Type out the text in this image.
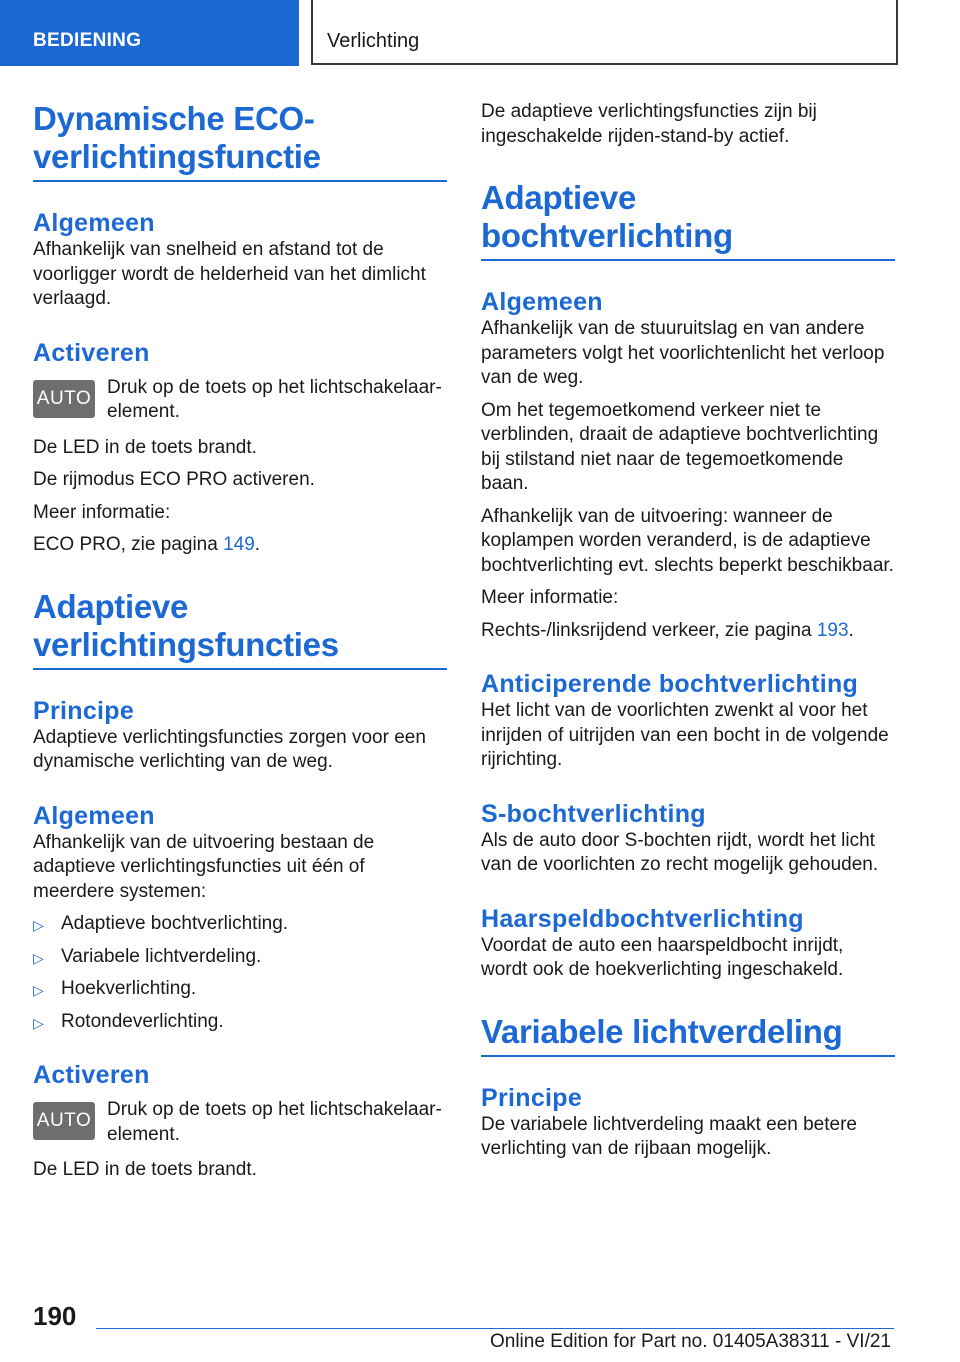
BEDIENING	Verlichting
Dynamische ECO-verlichtingsfunctie
Algemeen

Afhankelijk van snelheid en afstand tot de voorligger wordt de helderheid van het dimlicht verlaagd.

Activeren
AUTO

Druk op de toets op het lichtschakelaar-element.

De LED in de toets brandt.

De rijmodus ECO PRO activeren.

Meer informatie:

ECO PRO, zie pagina 149.

Adaptieve verlichtingsfuncties
Principe

Adaptieve verlichtingsfuncties zorgen voor een dynamische verlichting van de weg.

Algemeen

Afhankelijk van de uitvoering bestaan de adaptieve verlichtingsfuncties uit één of meerdere systemen:

▷ Adaptieve bochtverlichting.
▷ Variabele lichtverdeling.
▷ Hoekverlichting.
▷ Rotondeverlichting.
Activeren
AUTO

Druk op de toets op het lichtschakelaar-element.

De LED in de toets brandt.

De adaptieve verlichtingsfuncties zijn bij ingeschakelde rijden-stand-by actief.

Adaptieve bochtverlichting
Algemeen

Afhankelijk van de stuuruitslag en van andere parameters volgt het voorlichtenlicht het verloop van de weg.

Om het tegemoetkomend verkeer niet te verblinden, draait de adaptieve bochtverlichting bij stilstand niet naar de tegemoetkomende baan.

Afhankelijk van de uitvoering: wanneer de koplampen worden veranderd, is de adaptieve bochtverlichting evt. slechts beperkt beschikbaar.

Meer informatie:

Rechts-/linksrijdend verkeer, zie pagina 193.

Anticiperende bochtverlichting

Het licht van de voorlichten zwenkt al voor het inrijden of uitrijden van een bocht in de volgende rijrichting.

S-bochtverlichting

Als de auto door S-bochten rijdt, wordt het licht van de voorlichten zo recht mogelijk gehouden.

Haarspeldbochtverlichting

Voordat de auto een haarspeldbocht inrijdt, wordt ook de hoekverlichting ingeschakeld.

Variabele lichtverdeling
Principe

De variabele lichtverdeling maakt een betere verlichting van de rijbaan mogelijk.

190
Online Edition for Part no. 01405A38311 - VI/21
